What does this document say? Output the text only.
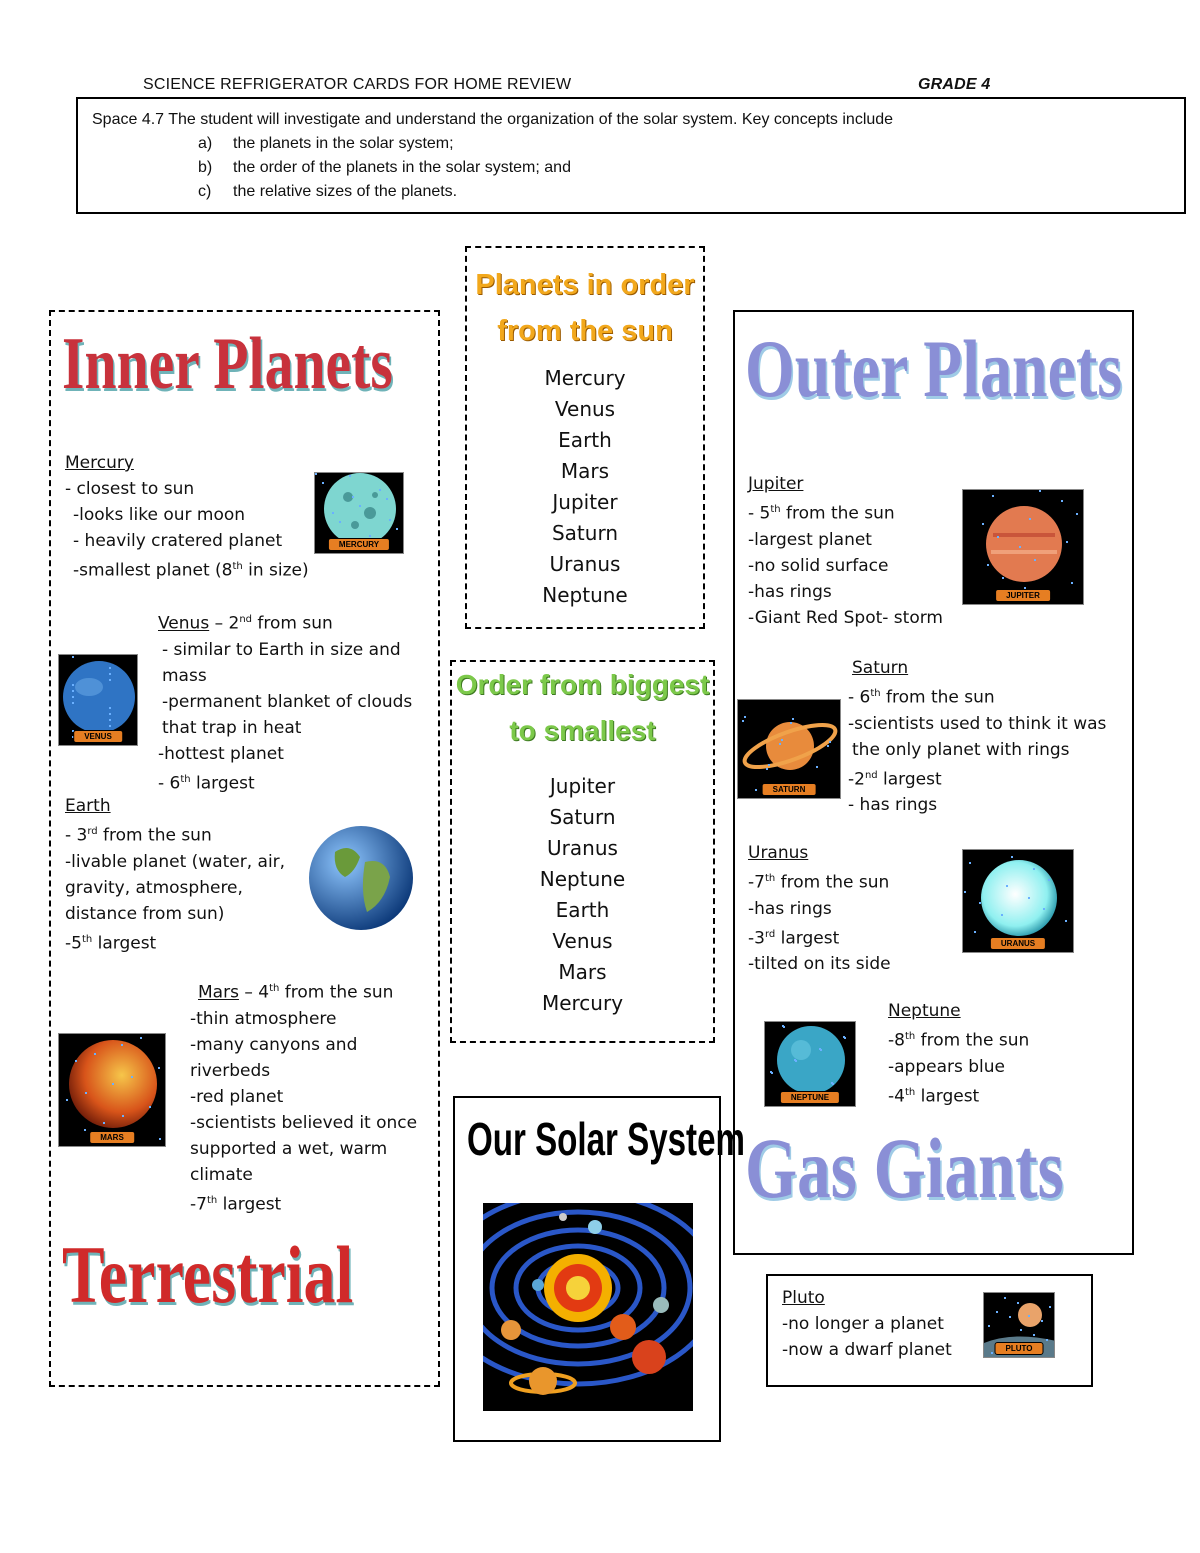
SCIENCE REFRIGERATOR CARDS FOR HOME REVIEW	GRADE 4
Space 4.7 The student will investigate and understand the organization of the solar system. Key concepts include
a) the planets in the solar system;
b) the order of the planets in the solar system; and
c) the relative sizes of the planets.
Inner Planets
Mercury
- closest to sun
-looks like our moon
- heavily cratered planet
-smallest planet (8th in size)
MERCURY
Venus – 2nd from sun
- similar to Earth in size and
mass
-permanent blanket of clouds
that trap in heat
-hottest planet
- 6th largest
VENUS
Earth
- 3rd from the sun
-livable planet (water, air,
gravity, atmosphere,
distance from sun)
-5th largest
Mars – 4th from the sun
-thin atmosphere
-many canyons and
riverbeds
-red planet
-scientists believed it once
supported a wet, warm
climate
-7th largest
MARS
Terrestrial
Planets in order
from the sun
Mercury
Venus
Earth
Mars
Jupiter
Saturn
Uranus
Neptune
Order from biggest
to smallest
Jupiter
Saturn
Uranus
Neptune
Earth
Venus
Mars
Mercury
Our Solar System
Outer Planets
Jupiter
- 5th from the sun
-largest planet
-no solid surface
-has rings
-Giant Red Spot- storm
JUPITER
Saturn
- 6th from the sun
-scientists used to think it was
the only planet with rings
-2nd largest
- has rings
SATURN
Uranus
-7th from the sun
-has rings
-3rd largest
-tilted on its side
URANUS
Neptune
-8th from the sun
-appears blue
-4th largest
NEPTUNE
Gas Giants
Pluto
-no longer a planet
-now a dwarf planet	PLUTO
